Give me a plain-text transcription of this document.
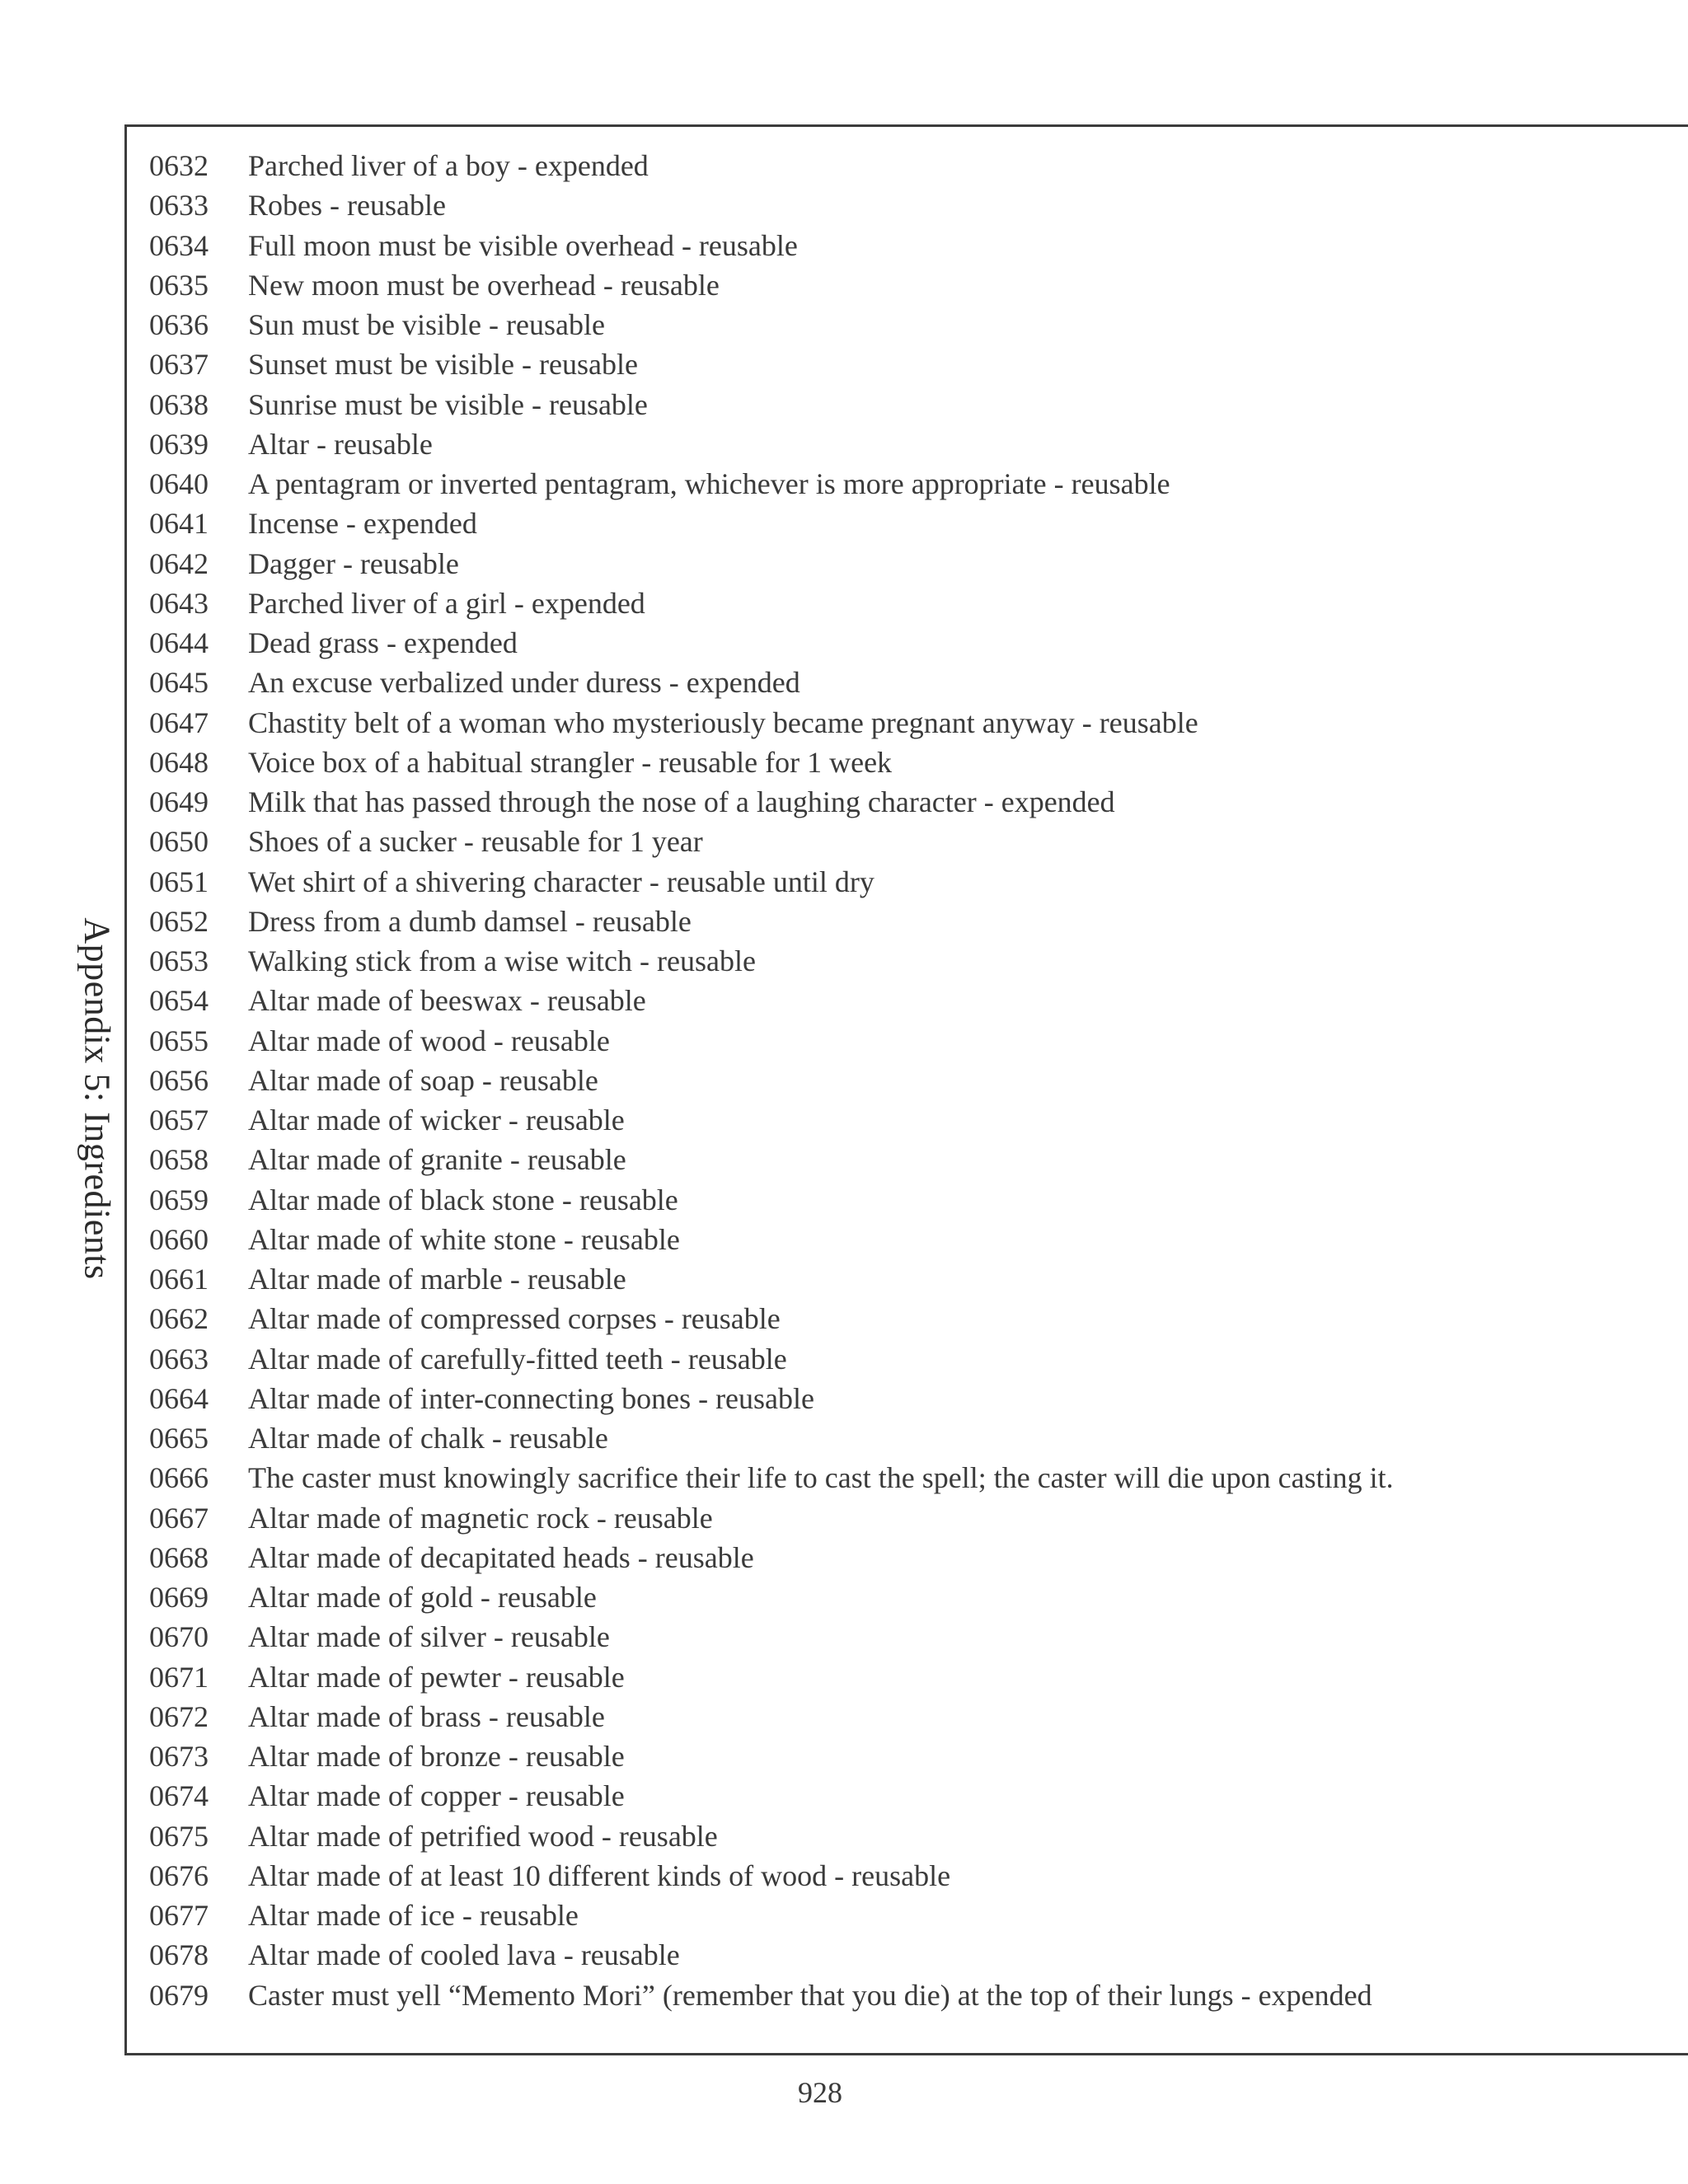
Appendix 5: Ingredients
0632 Parched liver of a boy - expended
0633 Robes - reusable
0634 Full moon must be visible overhead - reusable
0635 New moon must be overhead - reusable
0636 Sun must be visible - reusable
0637 Sunset must be visible - reusable
0638 Sunrise must be visible - reusable
0639 Altar - reusable
0640 A pentagram or inverted pentagram, whichever is more appropriate - reusable
0641 Incense - expended
0642 Dagger - reusable
0643 Parched liver of a girl - expended
0644 Dead grass - expended
0645 An excuse verbalized under duress - expended
0647 Chastity belt of a woman who mysteriously became pregnant anyway - reusable
0648 Voice box of a habitual strangler - reusable for 1 week
0649 Milk that has passed through the nose of a laughing character - expended
0650 Shoes of a sucker - reusable for 1 year
0651 Wet shirt of a shivering character - reusable until dry
0652 Dress from a dumb damsel - reusable
0653 Walking stick from a wise witch - reusable
0654 Altar made of beeswax - reusable
0655 Altar made of wood - reusable
0656 Altar made of soap - reusable
0657 Altar made of wicker - reusable
0658 Altar made of granite - reusable
0659 Altar made of black stone - reusable
0660 Altar made of white stone - reusable
0661 Altar made of marble - reusable
0662 Altar made of compressed corpses - reusable
0663 Altar made of carefully-fitted teeth - reusable
0664 Altar made of inter-connecting bones - reusable
0665 Altar made of chalk - reusable
0666 The caster must knowingly sacrifice their life to cast the spell; the caster will die upon casting it.
0667 Altar made of magnetic rock - reusable
0668 Altar made of decapitated heads - reusable
0669 Altar made of gold - reusable
0670 Altar made of silver - reusable
0671 Altar made of pewter - reusable
0672 Altar made of brass - reusable
0673 Altar made of bronze - reusable
0674 Altar made of copper - reusable
0675 Altar made of petrified wood - reusable
0676 Altar made of at least 10 different kinds of wood - reusable
0677 Altar made of ice - reusable
0678 Altar made of cooled lava - reusable
0679 Caster must yell “Memento Mori” (remember that you die) at the top of their lungs - expended
928
